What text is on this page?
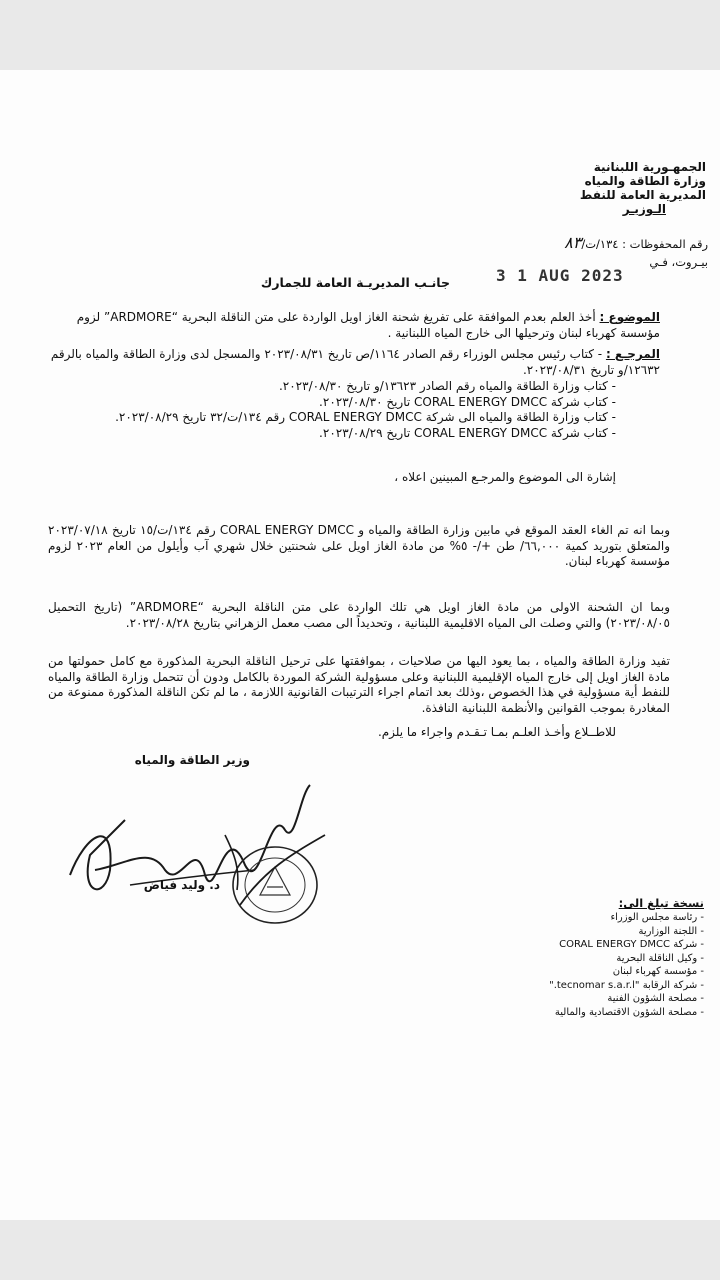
الجمهـورية اللبنانية
وزارة الطاقة والمياه
المديرية العامة للنفط
الـوزيـر
رقم المحفوظات : ١٣٤/ت/٨٣
بيـروت، فـي
3 1 AUG 2023
جانـب المديريـة العامة للجمارك
الموضوع : أخذ العلم بعدم الموافقة على تفريغ شحنة الغاز اويل الواردة على متن الناقلة البحرية “ARDMORE” لزوم مؤسسة كهرباء لبنان وترحيلها الى خارج المياه اللبنانية .
المرجـع : - كتاب رئيس مجلس الوزراء رقم الصادر ١١٦٤/ص تاريخ ٢٠٢٣/٠٨/٣١ والمسجل لدى وزارة الطاقة والمياه بالرقم ١٢٦٣٢/و تاريخ ٢٠٢٣/٠٨/٣١.
- كتاب وزارة الطاقة والمياه رقم الصادر ١٣٦٢٣/و تاريخ ٢٠٢٣/٠٨/٣٠.
- كتاب شركة CORAL ENERGY DMCC تاريخ ٢٠٢٣/٠٨/٣٠.
- كتاب وزارة الطاقة والمياه الى شركة CORAL ENERGY DMCC رقم ١٣٤/ت/٣٢ تاريخ ٢٠٢٣/٠٨/٢٩.
- كتاب شركة CORAL ENERGY DMCC تاريخ ٢٠٢٣/٠٨/٢٩.
إشارة الى الموضوع والمرجـع المبينين اعلاه ،
وبما انه تم الغاء العقد الموقع في مابين وزارة الطاقة والمياه و CORAL ENERGY DMCC رقم ١٣٤/ت/١٥ تاريخ ٢٠٢٣/٠٧/١٨ والمتعلق بتوريد كمية ٦٦,٠٠٠/ طن +/- ٥% من مادة الغاز اويل على شحنتين خلال شهري آب وأيلول من العام ٢٠٢٣ لزوم مؤسسة كهرباء لبنان.
وبما ان الشحنة الاولى من مادة الغاز اويل هي تلك الواردة على متن الناقلة البحرية “ARDMORE” (تاريخ التحميل ٢٠٢٣/٠٨/٠٥) والتي وصلت الى المياه الاقليمية اللبنانية ، وتحديداً الى مصب معمل الزهراني بتاريخ ٢٠٢٣/٠٨/٢٨.
تفيد وزارة الطاقة والمياه ، بما يعود اليها من صلاحيات ، بموافقتها على ترحيل الناقلة البحرية المذكورة مع كامل حمولتها من مادة الغاز اويل إلى خارج المياه الإقليمية اللبنانية وعلى مسؤولية الشركة الموردة بالكامل ودون أن تتحمل وزارة الطاقة والمياه للنفط أية مسؤولية في هذا الخصوص ،وذلك بعد اتمام اجراء الترتيبات القانونية اللازمة ، ما لم تكن الناقلة المذكورة ممنوعة من المغادرة بموجب القوانين والأنظمة اللبنانية النافذة.
للاطــلاع وأخـذ العلـم بمـا تـقـدم واجراء ما يلزم.
وزير الطاقة والمياه
د. وليد فياض
نسخة تبلغ الى:
- رئاسة مجلس الوزراء
- اللجنة الوزارية
- شركة CORAL ENERGY DMCC
- وكيل الناقلة البحرية
- مؤسسة كهرباء لبنان
- شركة الرقابة "tecnomar s.a.r.l."
- مصلحة الشؤون الفنية
- مصلحة الشؤون الاقتصادية والمالية
